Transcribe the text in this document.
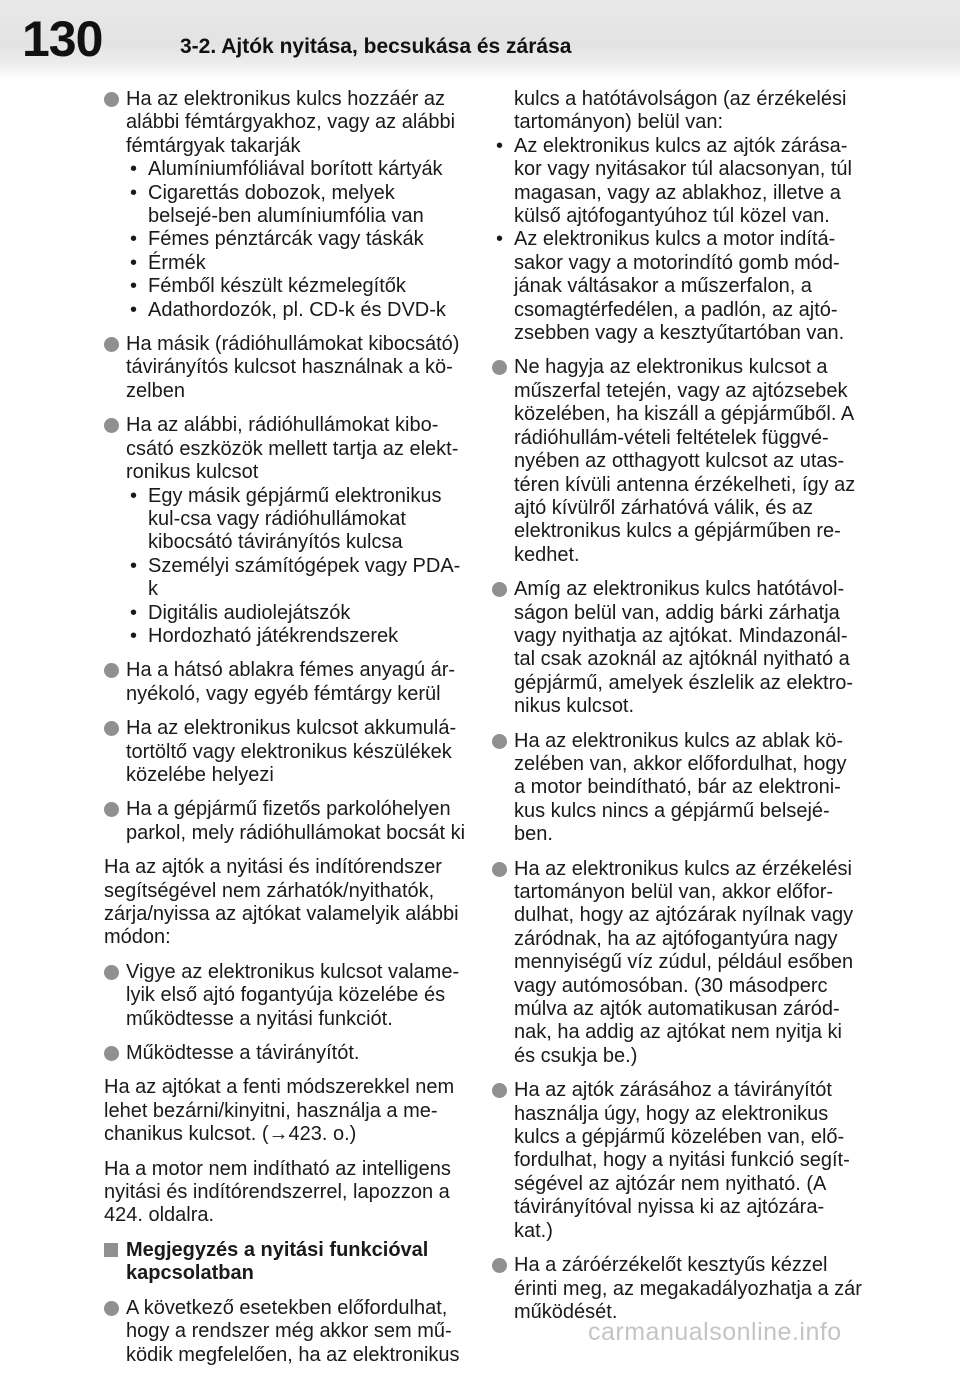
130	3-2. Ajtók nyitása, becsukása és zárása
Ha az elektronikus kulcs hozzáér az alábbi fémtárgyakhoz, vagy az alábbi fémtárgyak takarják
• Alumíniumfóliával borított kártyák
• Cigarettás dobozok, melyek belsejé-ben alumíniumfólia van
• Fémes pénztárcák vagy táskák
• Érmék
• Fémből készült kézmelegítők
• Adathordozók, pl. CD-k és DVD-k
Ha másik (rádióhullámokat kibocsátó) távirányítós kulcsot használnak a kö-zelben
Ha az alábbi, rádióhullámokat kibo-csátó eszközök mellett tartja az elekt-ronikus kulcsot
• Egy másik gépjármű elektronikus kul-csa vagy rádióhullámokat kibocsátó távirányítós kulcsa
• Személyi számítógépek vagy PDA-k
• Digitális audiolejátszók
• Hordozható játékrendszerek
Ha a hátsó ablakra fémes anyagú ár-nyékoló, vagy egyéb fémtárgy kerül
Ha az elektronikus kulcsot akkumulá-tortöltő vagy elektronikus készülékek közelébe helyezi
Ha a gépjármű fizetős parkolóhelyen parkol, mely rádióhullámokat bocsát ki
Ha az ajtók a nyitási és indítórendszer segítségével nem zárhatók/nyithatók, zárja/nyissa az ajtókat valamelyik alábbi módon:
Vigye az elektronikus kulcsot valame-lyik első ajtó fogantyúja közelébe és működtesse a nyitási funkciót.
Működtesse a távirányítót.
Ha az ajtókat a fenti módszerekkel nem lehet bezárni/kinyitni, használja a me-chanikus kulcsot. (→423. o.)
Ha a motor nem indítható az intelligens nyitási és indítórendszerrel, lapozzon a 424. oldalra.
Megjegyzés a nyitási funkcióval kapcsolatban
A következő esetekben előfordulhat, hogy a rendszer még akkor sem mű-ködik megfelelően, ha az elektronikus
kulcs a hatótávolságon (az érzékelési tartományon) belül van:
• Az elektronikus kulcs az ajtók zárása-kor vagy nyitásakor túl alacsonyan, túl magasan, vagy az ablakhoz, illetve a külső ajtófogantyúhoz túl közel van.
• Az elektronikus kulcs a motor indítá-sakor vagy a motorindító gomb mód-jának váltásakor a műszerfalon, a csomagtérfedélen, a padlón, az ajtó-zsebben vagy a kesztyűtartóban van.
Ne hagyja az elektronikus kulcsot a műszerfal tetején, vagy az ajtózsebek közelében, ha kiszáll a gépjárműből. A rádióhullám-vételi feltételek függvé-nyében az otthagyott kulcsot az utas-téren kívüli antenna érzékelheti, így az ajtó kívülről zárhatóvá válik, és az elektronikus kulcs a gépjárműben re-kedhet.
Amíg az elektronikus kulcs hatótávol-ságon belül van, addig bárki zárhatja vagy nyithatja az ajtókat. Mindazonál-tal csak azoknál az ajtóknál nyitható a gépjármű, amelyek észlelik az elektro-nikus kulcsot.
Ha az elektronikus kulcs az ablak kö-zelében van, akkor előfordulhat, hogy a motor beindítható, bár az elektroni-kus kulcs nincs a gépjármű belsejé-ben.
Ha az elektronikus kulcs az érzékelési tartományon belül van, akkor előfor-dulhat, hogy az ajtózárak nyílnak vagy záródnak, ha az ajtófogantyúra nagy mennyiségű víz zúdul, például esőben vagy autómosóban. (30 másodperc múlva az ajtók automatikusan záród-nak, ha addig az ajtókat nem nyitja ki és csukja be.)
Ha az ajtók zárásához a távirányítót használja úgy, hogy az elektronikus kulcs a gépjármű közelében van, elő-fordulhat, hogy a nyitási funkció segít-ségével az ajtózár nem nyitható. (A távirányítóval nyissa ki az ajtózára-kat.)
Ha a záróérzékelőt kesztyűs kézzel érinti meg, az megakadályozhatja a zár működését.
carmanualsonline.info
